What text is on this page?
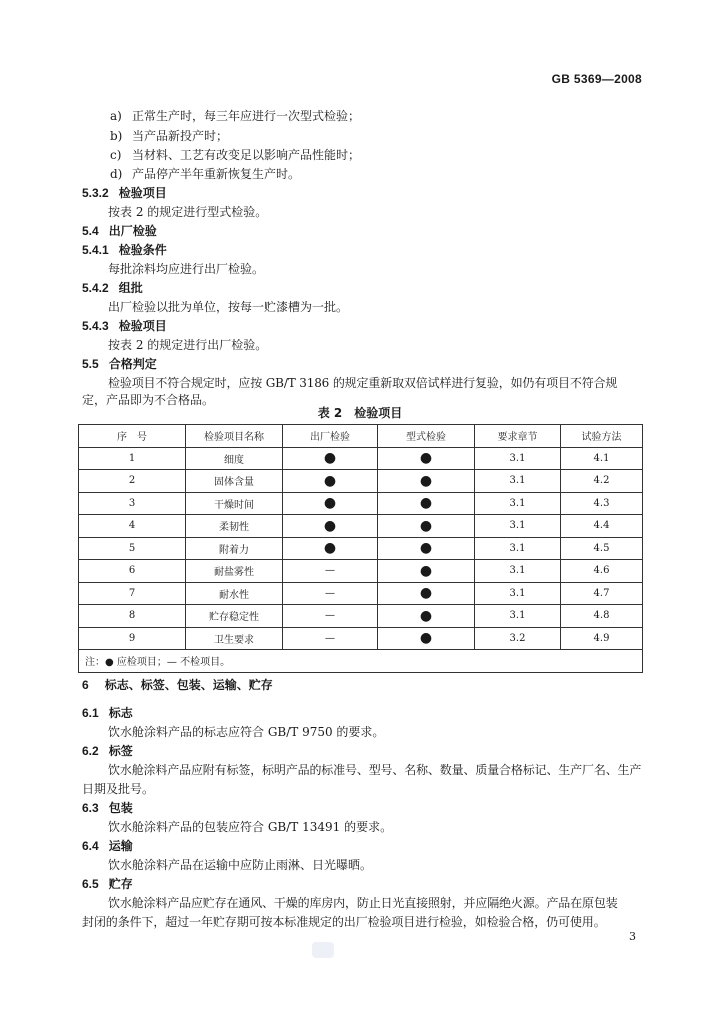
GB 5369—2008
a) 正常生产时，每三年应进行一次型式检验；
b) 当产品新投产时；
c) 当材料、工艺有改变足以影响产品性能时；
d) 产品停产半年重新恢复生产时。
5.3.2 检验项目
按表 2 的规定进行型式检验。
5.4 出厂检验
5.4.1 检验条件
每批涂料均应进行出厂检验。
5.4.2 组批
出厂检验以批为单位，按每一贮漆槽为一批。
5.4.3 检验项目
按表 2 的规定进行出厂检验。
5.5 合格判定
检验项目不符合规定时，应按 GB/T 3186 的规定重新取双倍试样进行复验，如仍有项目不符合规
定，产品即为不合格品。
表 2　检验项目
序　号	检验项目名称	出厂检验	型式检验	要求章节	试验方法
1	细度	●	●	3.1	4.1
2	固体含量	●	●	3.1	4.2
3	干燥时间	●	●	3.1	4.3
4	柔韧性	●	●	3.1	4.4
5	附着力	●	●	3.1	4.5
6	耐盐雾性	—	●	3.1	4.6
7	耐水性	—	●	3.1	4.7
8	贮存稳定性	—	●	3.1	4.8
9	卫生要求	—	●	3.2	4.9
注：● 应检项目；— 不检项目。					
6 标志、标签、包装、运输、贮存
6.1 标志
饮水舱涂料产品的标志应符合 GB/T 9750 的要求。
6.2 标签
饮水舱涂料产品应附有标签，标明产品的标准号、型号、名称、数量、质量合格标记、生产厂名、生产
日期及批号。
6.3 包装
饮水舱涂料产品的包装应符合 GB/T 13491 的要求。
6.4 运输
饮水舱涂料产品在运输中应防止雨淋、日光曝晒。
6.5 贮存
饮水舱涂料产品应贮存在通风、干燥的库房内，防止日光直接照射，并应隔绝火源。产品在原包装
封闭的条件下，超过一年贮存期可按本标准规定的出厂检验项目进行检验，如检验合格，仍可使用。
3
